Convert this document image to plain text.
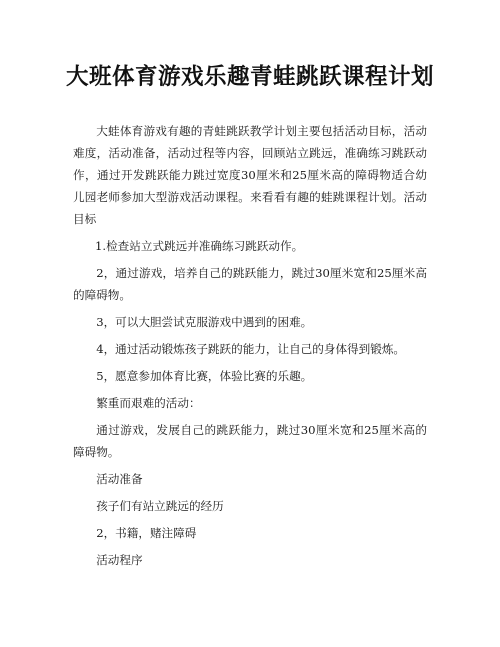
大班体育游戏乐趣青蛙跳跃课程计划

大蛙体育游戏有趣的青蛙跳跃教学计划主要包括活动目标，活动难度，活动准备，活动过程等内容，回顾站立跳远，准确练习跳跃动作，通过开发跳跃能力跳过宽度30厘米和25厘米高的障碍物适合幼儿园老师参加大型游戏活动课程。来看看有趣的蛙跳课程计划。活动目标

1.检查站立式跳远并准确练习跳跃动作。

2，通过游戏，培养自己的跳跃能力，跳过30厘米宽和25厘米高的障碍物。

3，可以大胆尝试克服游戏中遇到的困难。

4，通过活动锻炼孩子跳跃的能力，让自己的身体得到锻炼。

5，愿意参加体育比赛，体验比赛的乐趣。

繁重而艰难的活动：

通过游戏，发展自己的跳跃能力，跳过30厘米宽和25厘米高的障碍物。

活动准备

孩子们有站立跳远的经历

2，书籍，赌注障碍

活动程序
